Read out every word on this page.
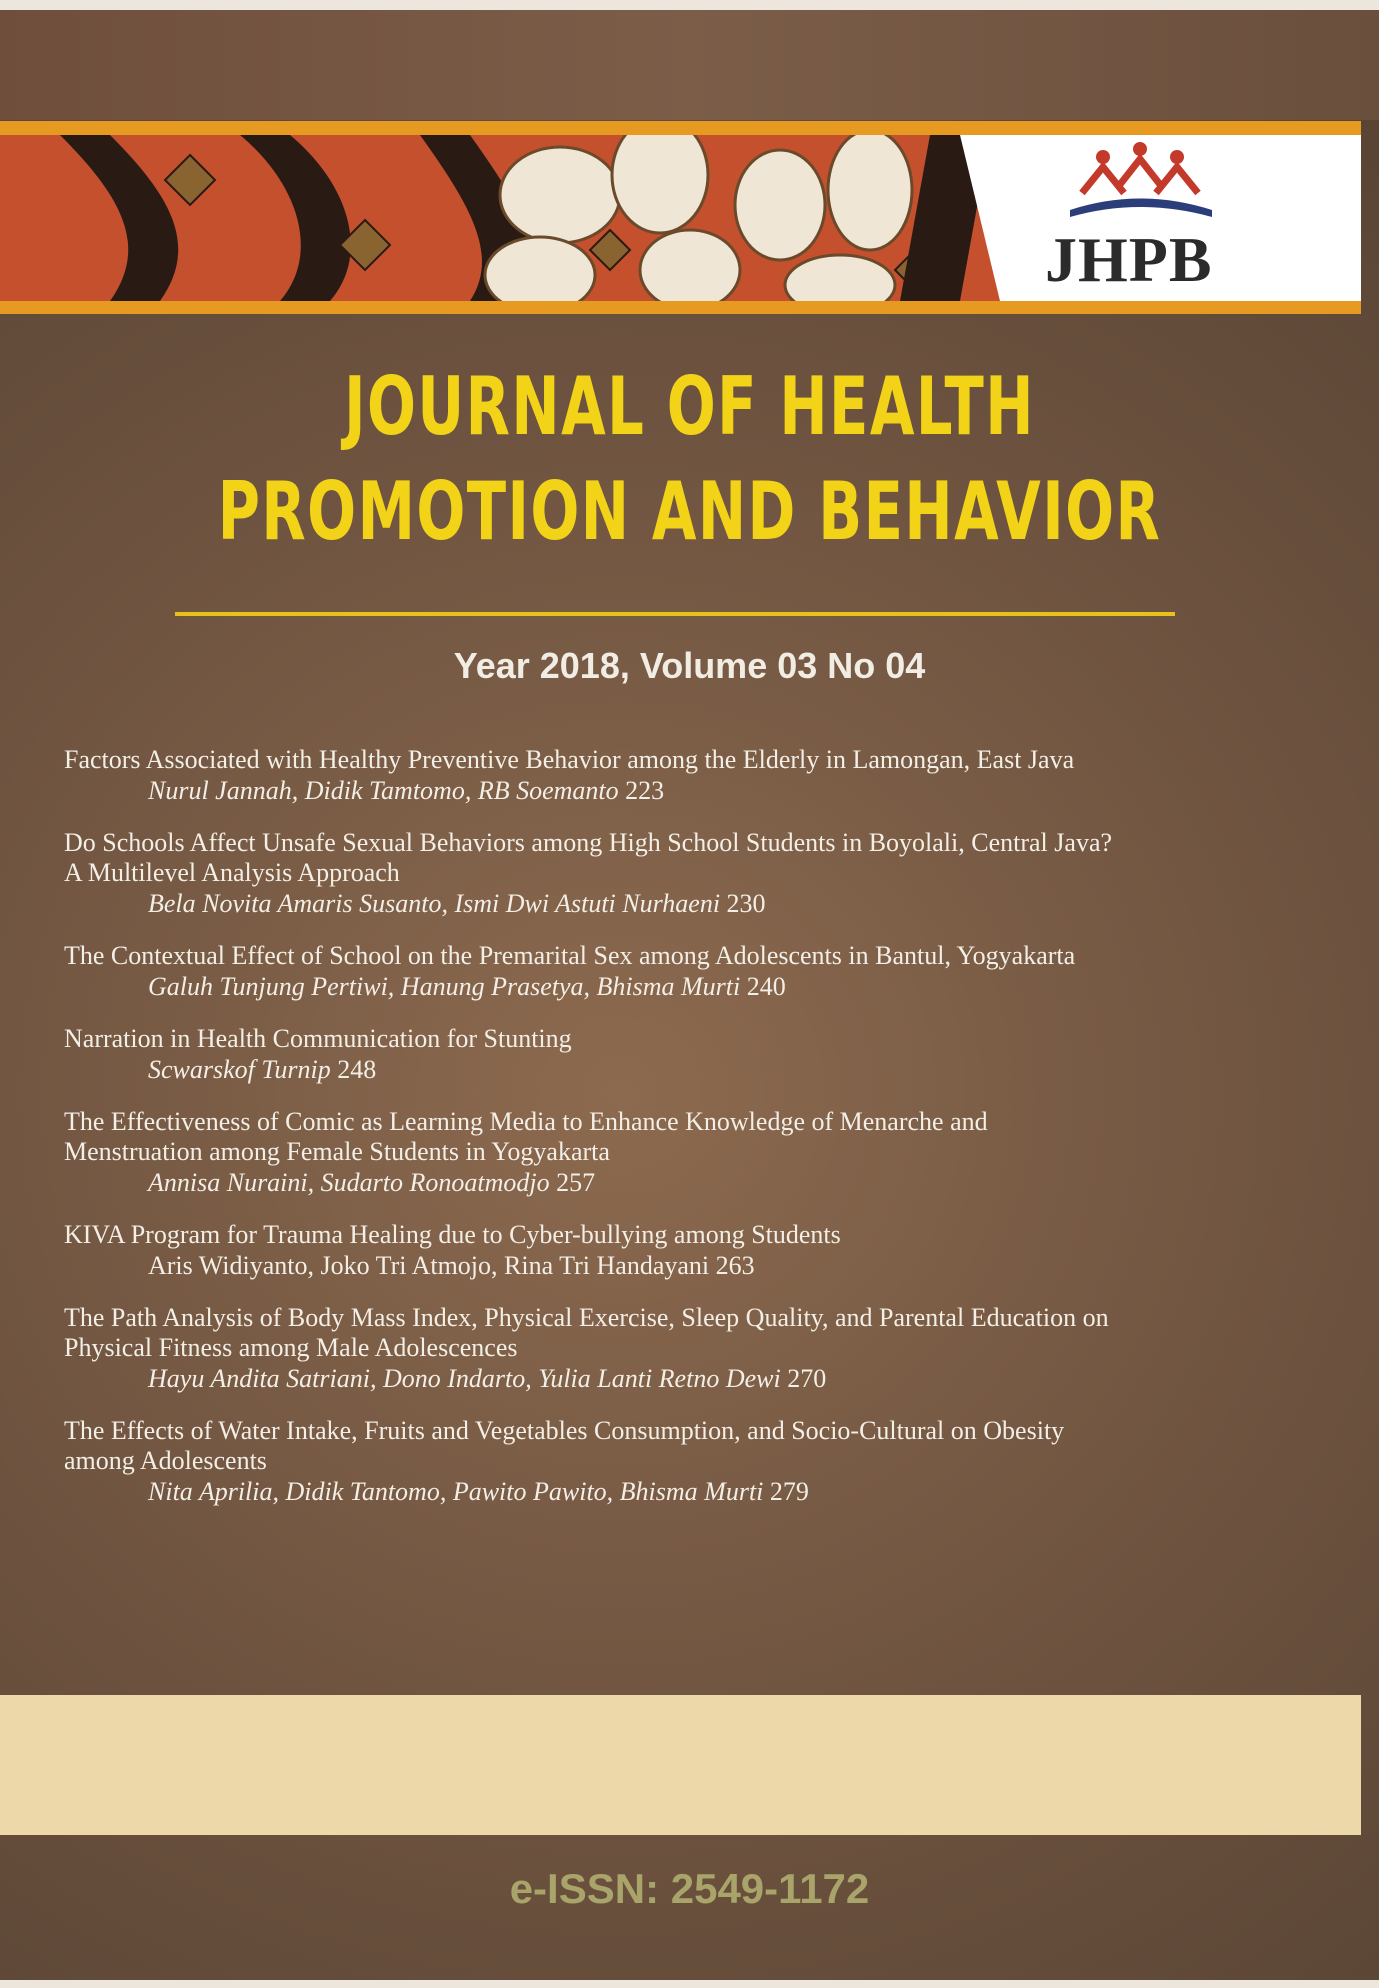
JHPB
JOURNAL OF HEALTH
PROMOTION AND BEHAVIOR
Year 2018, Volume 03 No 04
Factors Associated with Healthy Preventive Behavior among the Elderly in Lamongan, East Java
Nurul Jannah, Didik Tamtomo, RB Soemanto 223
Do Schools Affect Unsafe Sexual Behaviors among High School Students in Boyolali, Central Java?
A Multilevel Analysis Approach
Bela Novita Amaris Susanto, Ismi Dwi Astuti Nurhaeni 230
The Contextual Effect of School on the Premarital Sex among Adolescents in Bantul, Yogyakarta
Galuh Tunjung Pertiwi, Hanung Prasetya, Bhisma Murti 240
Narration in Health Communication for Stunting
Scwarskof Turnip 248
The Effectiveness of Comic as Learning Media to Enhance Knowledge of Menarche and
Menstruation among Female Students in Yogyakarta
Annisa Nuraini, Sudarto Ronoatmodjo 257
KIVA Program for Trauma Healing due to Cyber-bullying among Students
Aris Widiyanto, Joko Tri Atmojo, Rina Tri Handayani 263
The Path Analysis of Body Mass Index, Physical Exercise, Sleep Quality, and Parental Education on
Physical Fitness among Male Adolescences
Hayu Andita Satriani, Dono Indarto, Yulia Lanti Retno Dewi 270
The Effects of Water Intake, Fruits and Vegetables Consumption, and Socio-Cultural on Obesity
among Adolescents
Nita Aprilia, Didik Tantomo, Pawito Pawito, Bhisma Murti 279
e-ISSN: 2549-1172
